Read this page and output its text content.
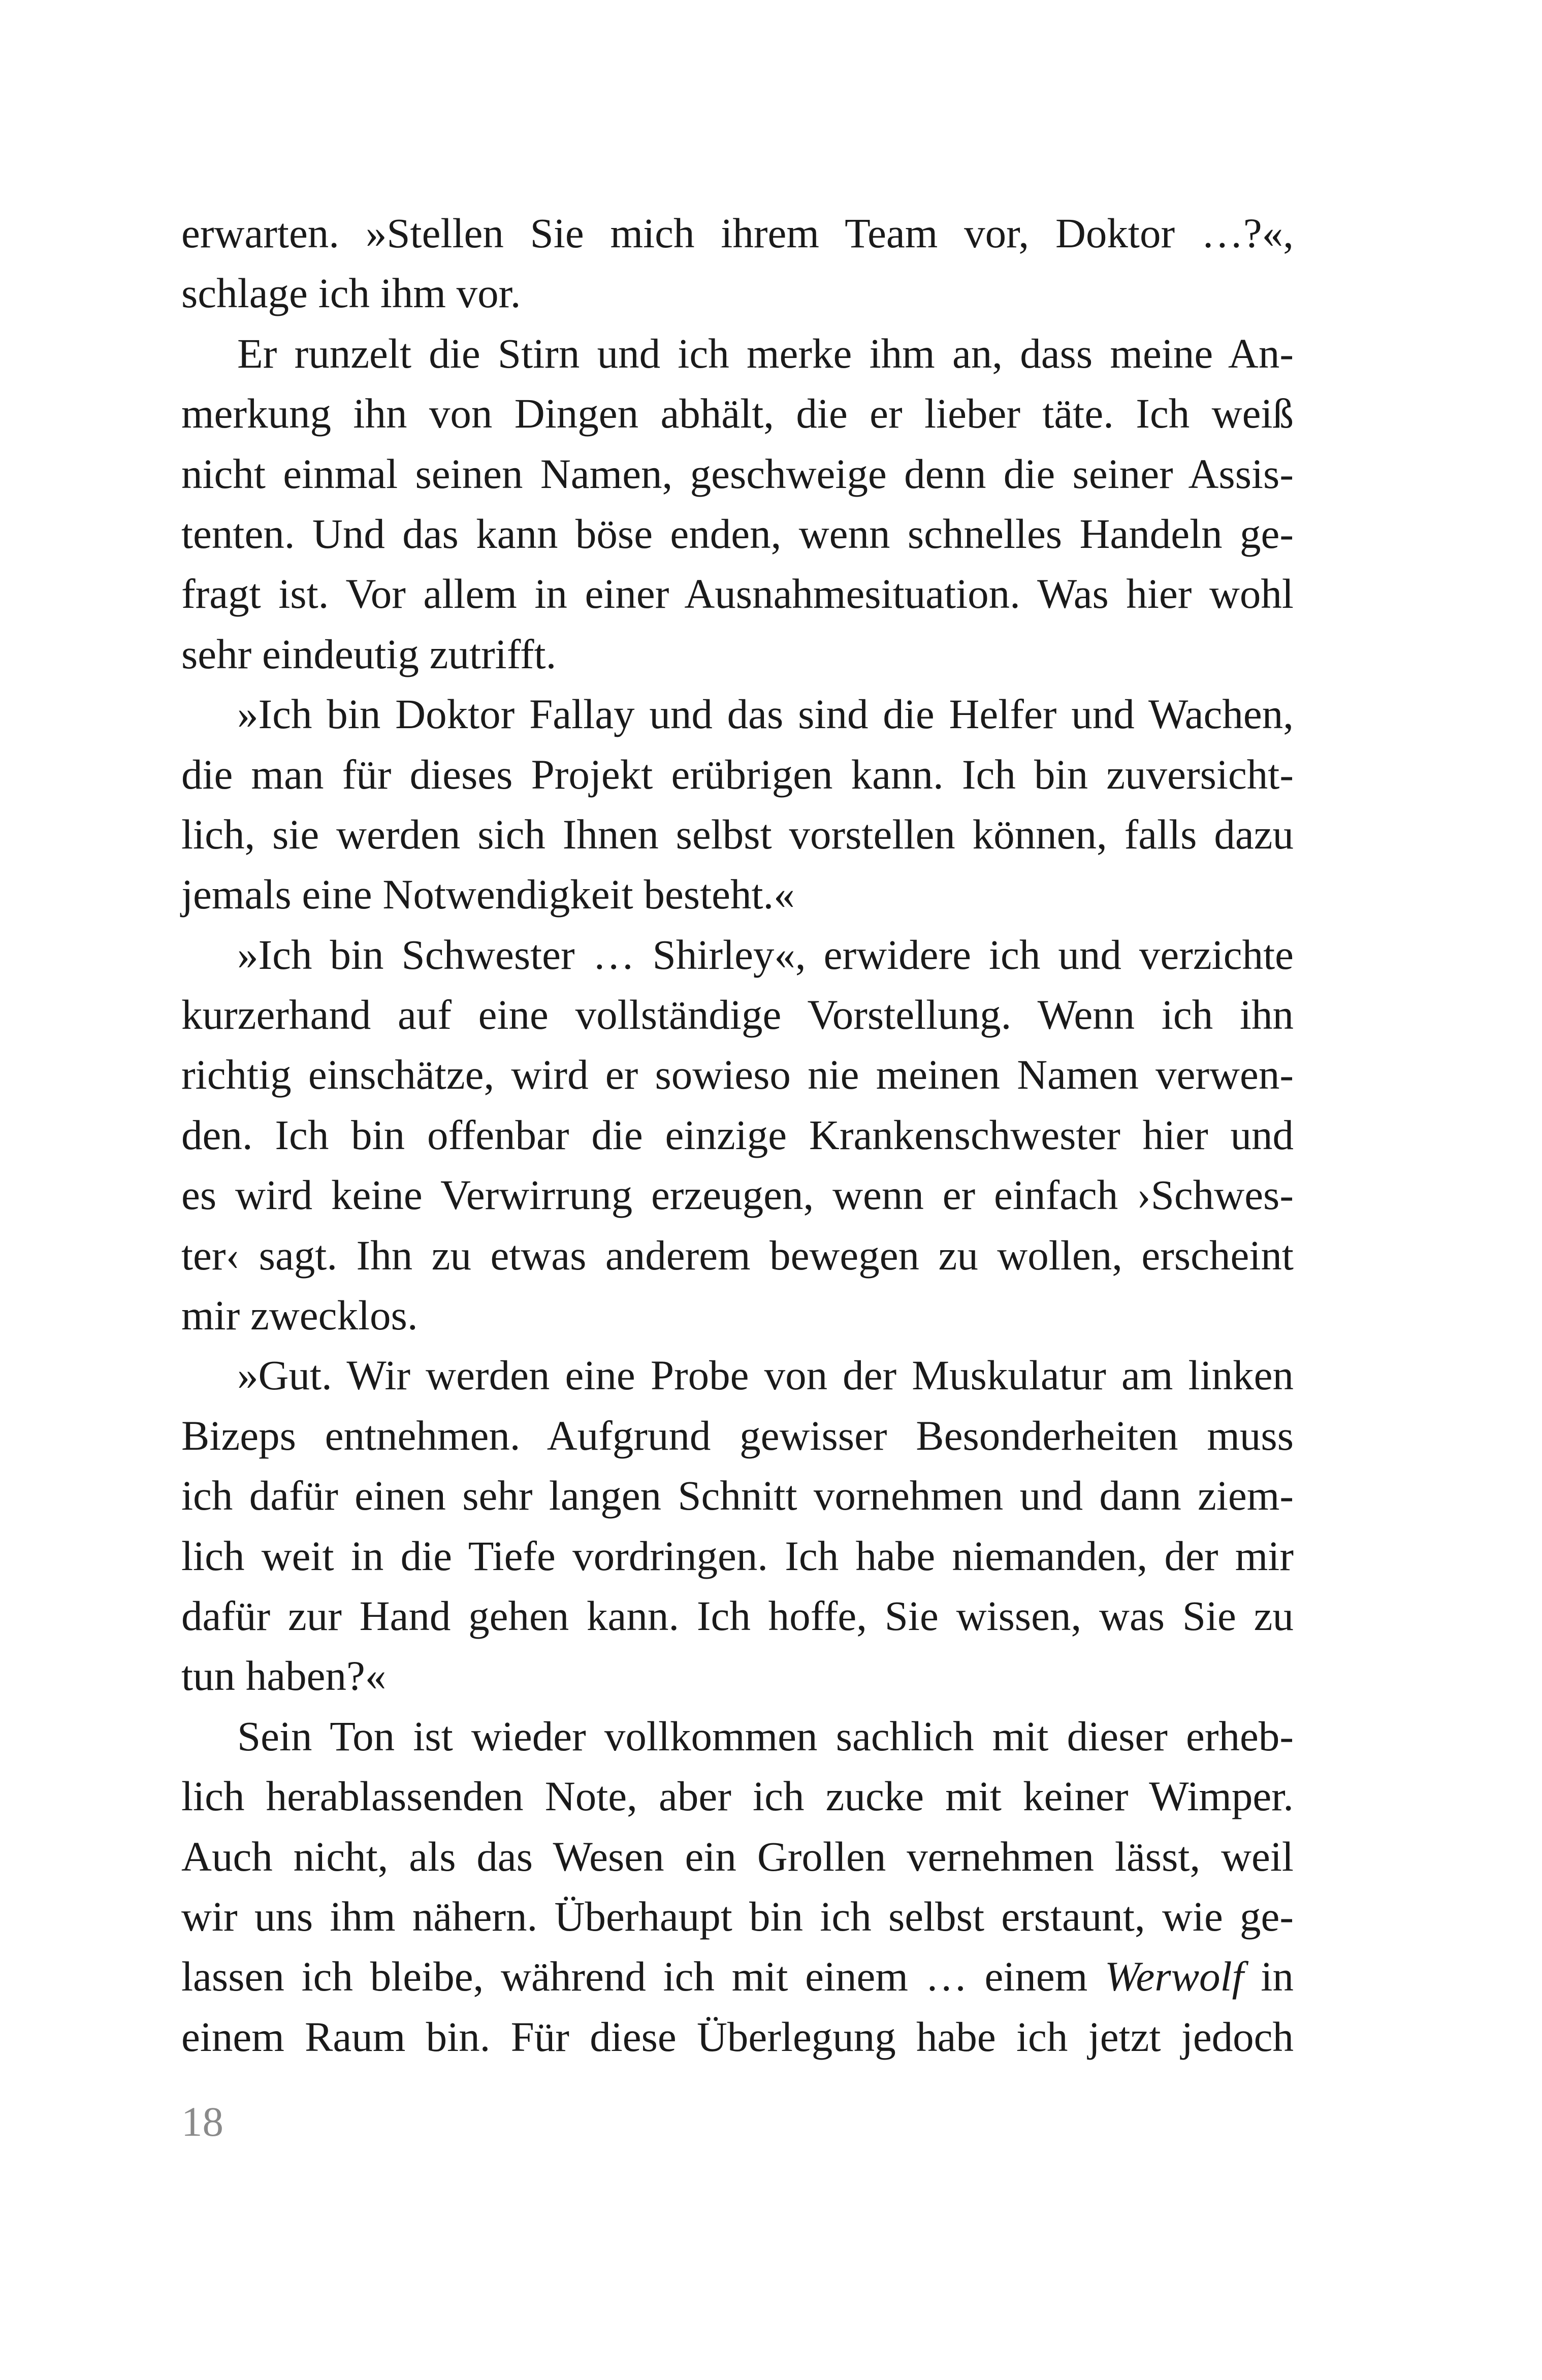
erwarten. »Stellen Sie mich ihrem Team vor, Doktor …?«,
schlage ich ihm vor.
Er runzelt die Stirn und ich merke ihm an, dass meine An-
merkung ihn von Dingen abhält, die er lieber täte. Ich weiß
nicht einmal seinen Namen, geschweige denn die seiner Assis-
tenten. Und das kann böse enden, wenn schnelles Handeln ge-
fragt ist. Vor allem in einer Ausnahmesituation. Was hier wohl
sehr eindeutig zutrifft.
»Ich bin Doktor Fallay und das sind die Helfer und Wachen,
die man für dieses Projekt erübrigen kann. Ich bin zuversicht-
lich, sie werden sich Ihnen selbst vorstellen können, falls dazu
jemals eine Notwendigkeit besteht.«
»Ich bin Schwester … Shirley«, erwidere ich und verzichte
kurzerhand auf eine vollständige Vorstellung. Wenn ich ihn
richtig einschätze, wird er sowieso nie meinen Namen verwen-
den. Ich bin offenbar die einzige Krankenschwester hier und
es wird keine Verwirrung erzeugen, wenn er einfach ›Schwes-
ter‹ sagt. Ihn zu etwas anderem bewegen zu wollen, erscheint
mir zwecklos.
»Gut. Wir werden eine Probe von der Muskulatur am linken
Bizeps entnehmen. Aufgrund gewisser Besonderheiten muss
ich dafür einen sehr langen Schnitt vornehmen und dann ziem-
lich weit in die Tiefe vordringen. Ich habe niemanden, der mir
dafür zur Hand gehen kann. Ich hoffe, Sie wissen, was Sie zu
tun haben?«
Sein Ton ist wieder vollkommen sachlich mit dieser erheb-
lich herablassenden Note, aber ich zucke mit keiner Wimper.
Auch nicht, als das Wesen ein Grollen vernehmen lässt, weil
wir uns ihm nähern. Überhaupt bin ich selbst erstaunt, wie ge-
lassen ich bleibe, während ich mit einem … einem Werwolf in
einem Raum bin. Für diese Überlegung habe ich jetzt jedoch
18
